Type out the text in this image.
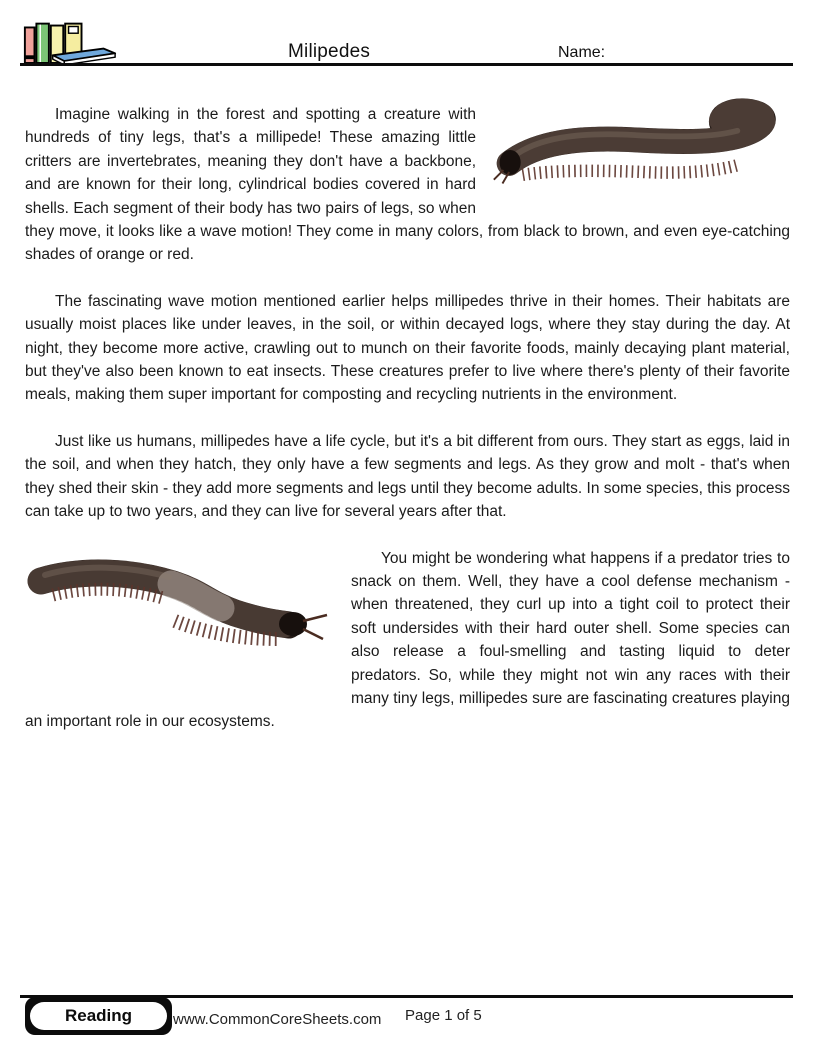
Milipedes	Name:

Imagine walking in the forest and spotting a creature with hundreds of tiny legs, that's a millipede! These amazing little critters are invertebrates, meaning they don't have a backbone, and are known for their long, cylindrical bodies covered in hard shells. Each segment of their body has two pairs of legs, so when they move, it looks like a wave motion! They come in many colors, from black to brown, and even eye-catching shades of orange or red.

The fascinating wave motion mentioned earlier helps millipedes thrive in their homes. Their habitats are usually moist places like under leaves, in the soil, or within decayed logs, where they stay during the day. At night, they become more active, crawling out to munch on their favorite foods, mainly decaying plant material, but they've also been known to eat insects. These creatures prefer to live where there's plenty of their favorite meals, making them super important for composting and recycling nutrients in the environment.

Just like us humans, millipedes have a life cycle, but it's a bit different from ours. They start as eggs, laid in the soil, and when they hatch, they only have a few segments and legs. As they grow and molt - that's when they shed their skin - they add more segments and legs until they become adults. In some species, this process can take up to two years, and they can live for several years after that.

You might be wondering what happens if a predator tries to snack on them. Well, they have a cool defense mechanism - when threatened, they curl up into a tight coil to protect their soft undersides with their hard outer shell. Some species can also release a foul-smelling and tasting liquid to deter predators. So, while they might not win any races with their many tiny legs, millipedes sure are fascinating creatures playing an important role in our ecosystems.

Reading	www.CommonCoreSheets.com Page 1 of 5
